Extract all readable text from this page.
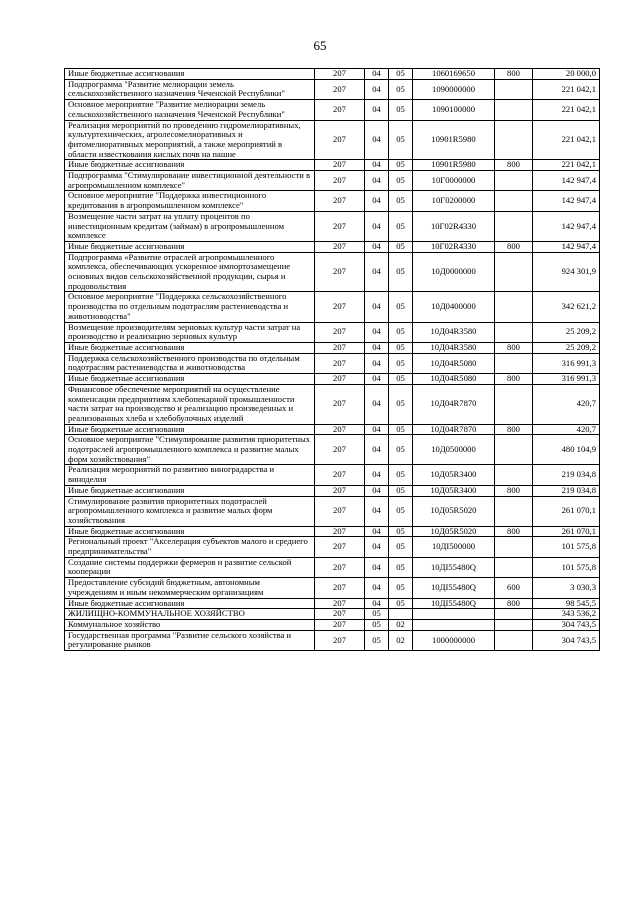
65
Иные бюджетные ассигнования	207	04	05	1060169650	800	20 000,0
Подпрограмма "Развитие мелиорации земель сельскохозяйственного назначения Чеченской Республики"	207	04	05	1090000000		221 042,1
Основное мероприятие "Развитие мелиорации земель сельскохозяйственного назначения Чеченской Республики"	207	04	05	1090100000		221 042,1
Реализация мероприятий по проведению гидромелиоративных, культуртехнических, агролесомелиоративных и фитомелиоративных мероприятий, а также мероприятий в области известкования кислых почв на пашне	207	04	05	10901R5980		221 042,1
Иные бюджетные ассигнования	207	04	05	10901R5980	800	221 042,1
Подпрограмма "Стимулирование инвестиционной деятельности в агропромышленном комплексе"	207	04	05	10Г0000000		142 947,4
Основное мероприятие "Поддержка инвестиционного кредитования в агропромышленном комплексе"	207	04	05	10Г0200000		142 947,4
Возмещение части затрат на уплату процентов по инвестиционным кредитам (займам) в агропромышленном комплексе	207	04	05	10Г02R4330		142 947,4
Иные бюджетные ассигнования	207	04	05	10Г02R4330	800	142 947,4
Подпрограмма «Развитие отраслей агропромышленного комплекса, обеспечивающих ускоренное импортозамещение основных видов сельскохозяйственной продукции, сырья и продовольствия	207	04	05	10Д0000000		924 301,9
Основное мероприятие "Поддержка сельскохозяйственного производства по отдельным подотраслям растениеводства и животноводства"	207	04	05	10Д0400000		342 621,2
Возмещение производителям зерновых культур части затрат на производство и реализацию зерновых культур	207	04	05	10Д04R3580		25 209,2
Иные бюджетные ассигнования	207	04	05	10Д04R3580	800	25 209,2
Поддержка сельскохозяйственного производства по отдельным подотраслям растениеводства и животноводства	207	04	05	10Д04R5080		316 991,3
Иные бюджетные ассигнования	207	04	05	10Д04R5080	800	316 991,3
Финансовое обеспечение мероприятий на осуществление компенсации предприятиям хлебопекарной промышленности части затрат на производство и реализацию произведенных и реализованных хлеба и хлебобулочных изделий	207	04	05	10Д04R7870		420,7
Иные бюджетные ассигнования	207	04	05	10Д04R7870	800	420,7
Основное мероприятие "Стимулирование развития приоритетных подотраслей агропромышленного комплекса и развитие малых форм хозяйствования"	207	04	05	10Д0500000		480 104,9
Реализация мероприятий по развитию виноградарства и виноделия	207	04	05	10Д05R3400		219 034,8
Иные бюджетные ассигнования	207	04	05	10Д05R3400	800	219 034,8
Стимулирование развития приоритетных подотраслей агропромышленного комплекса и развитие малых форм хозяйствования	207	04	05	10Д05R5020		261 070,1
Иные бюджетные ассигнования	207	04	05	10Д05R5020	800	261 070,1
Региональный проект "Акселерация субъектов малого и среднего предпринимательства"	207	04	05	10ДI500000		101 575,8
Создание системы поддержки фермеров и развитие сельской кооперации	207	04	05	10ДI55480Q		101 575,8
Предоставление субсидий бюджетным, автономным учреждениям и иным некоммерческим организациям	207	04	05	10ДI55480Q	600	3 030,3
Иные бюджетные ассигнования	207	04	05	10ДI55480Q	800	98 545,5
ЖИЛИЩНО-КОММУНАЛЬНОЕ ХОЗЯЙСТВО	207	05				343 536,2
Коммунальное хозяйство	207	05	02			304 743,5
Государственная программа "Развитие сельского хозяйства и регулирование рынков	207	05	02	1000000000		304 743,5
